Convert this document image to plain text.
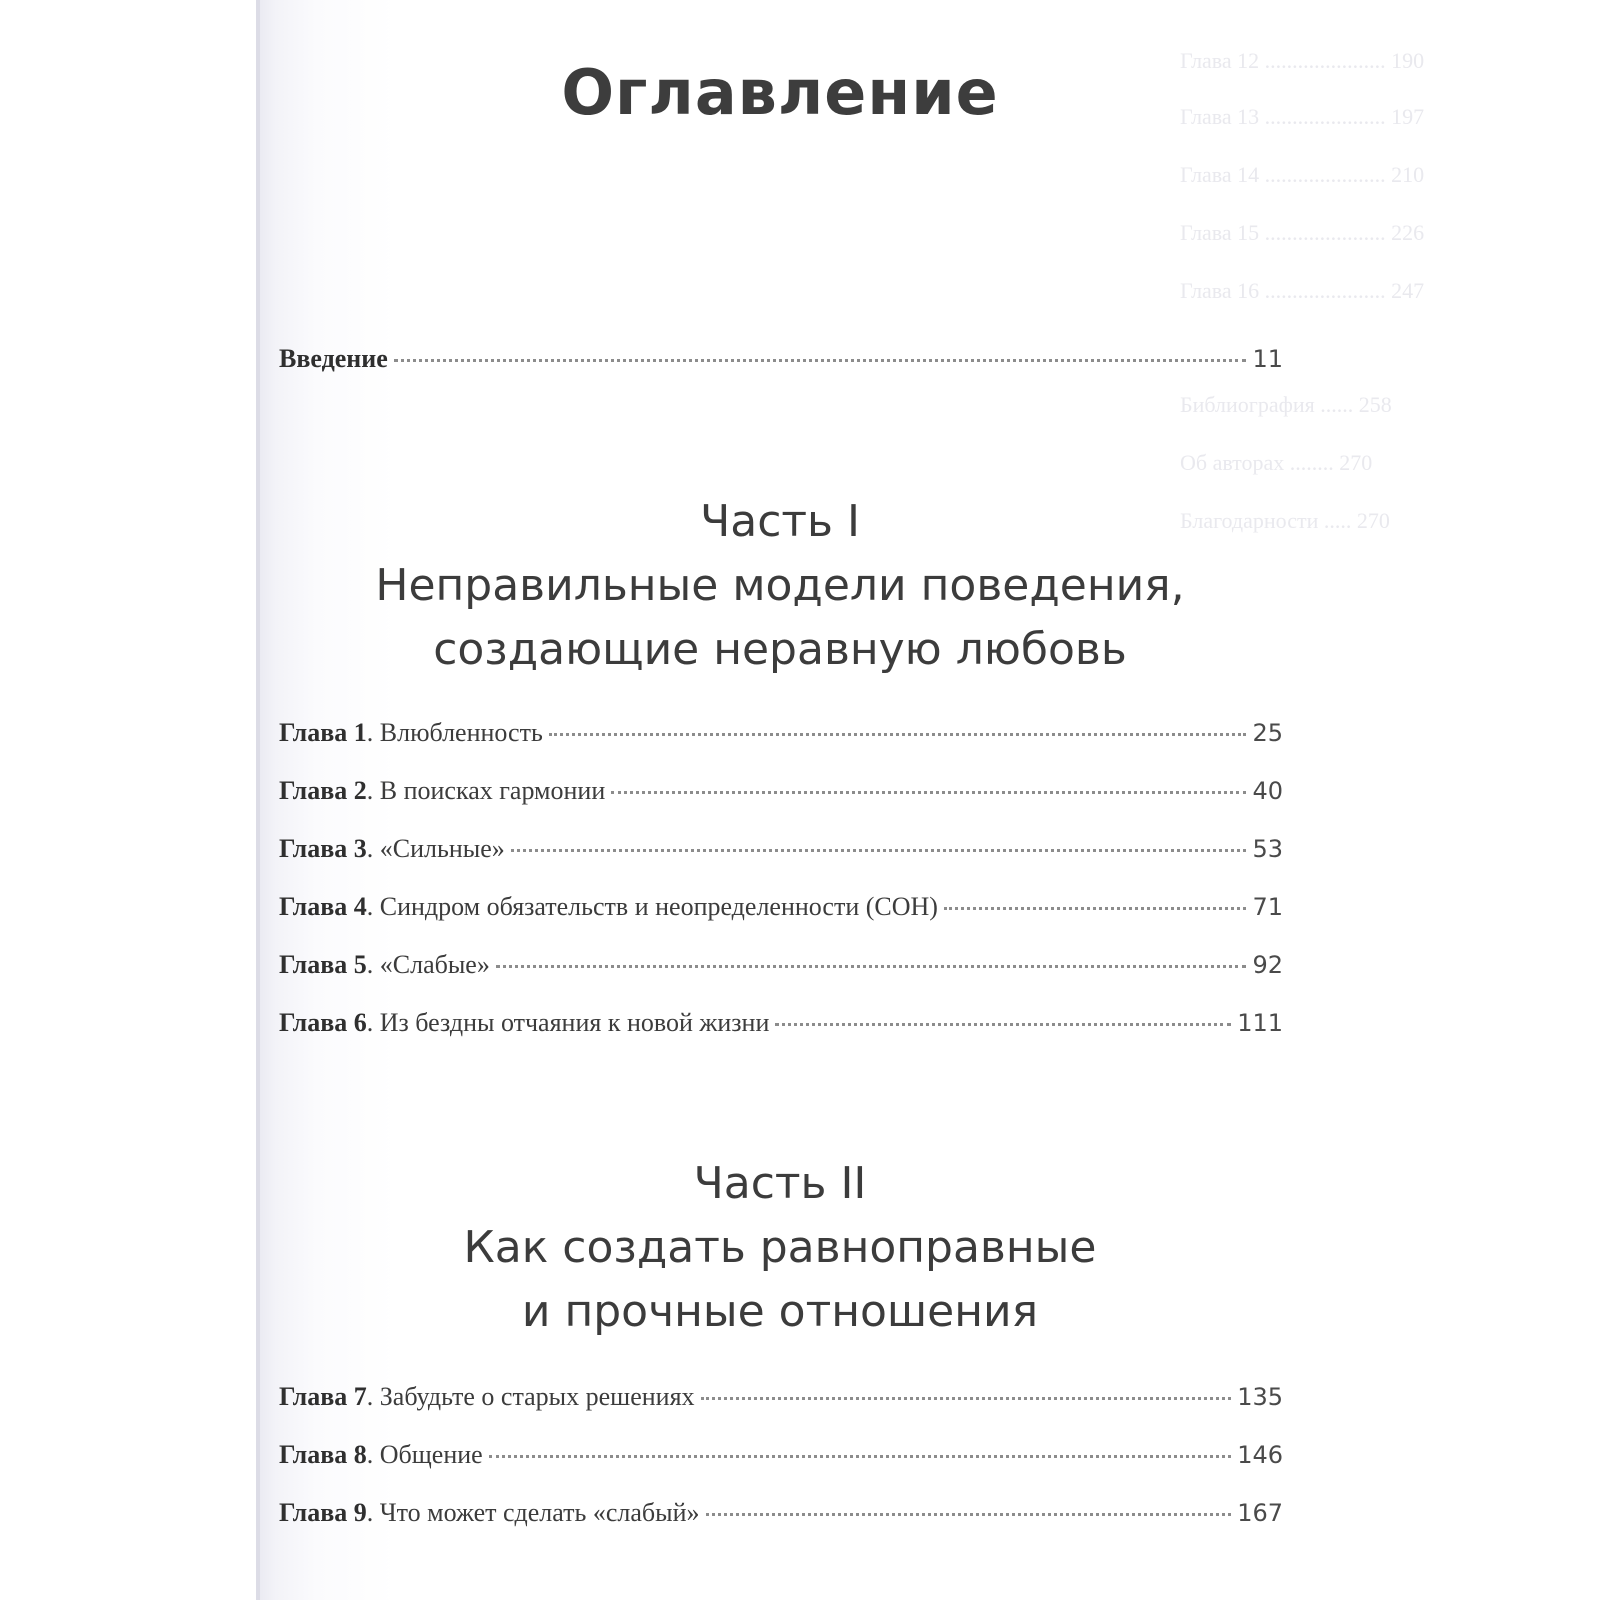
Глава 12 ...................... 190
Глава 13 ...................... 197
Глава 14 ...................... 210
Глава 15 ...................... 226
Глава 16 ...................... 247
Библиография ...... 258
Об авторах ........ 270
Благодарности ..... 270
Оглавление
Введение	11
Часть I
Неправильные модели поведения,
создающие неравную любовь
Глава 1. Влюбленность	25
Глава 2. В поисках гармонии	40
Глава 3. «Сильные»	53
Глава 4. Синдром обязательств и неопределенности (СОН)	71
Глава 5. «Слабые»	92
Глава 6. Из бездны отчаяния к новой жизни	111
Часть II
Как создать равноправные
и прочные отношения
Глава 7. Забудьте о старых решениях	135
Глава 8. Общение	146
Глава 9. Что может сделать «слабый»	167
